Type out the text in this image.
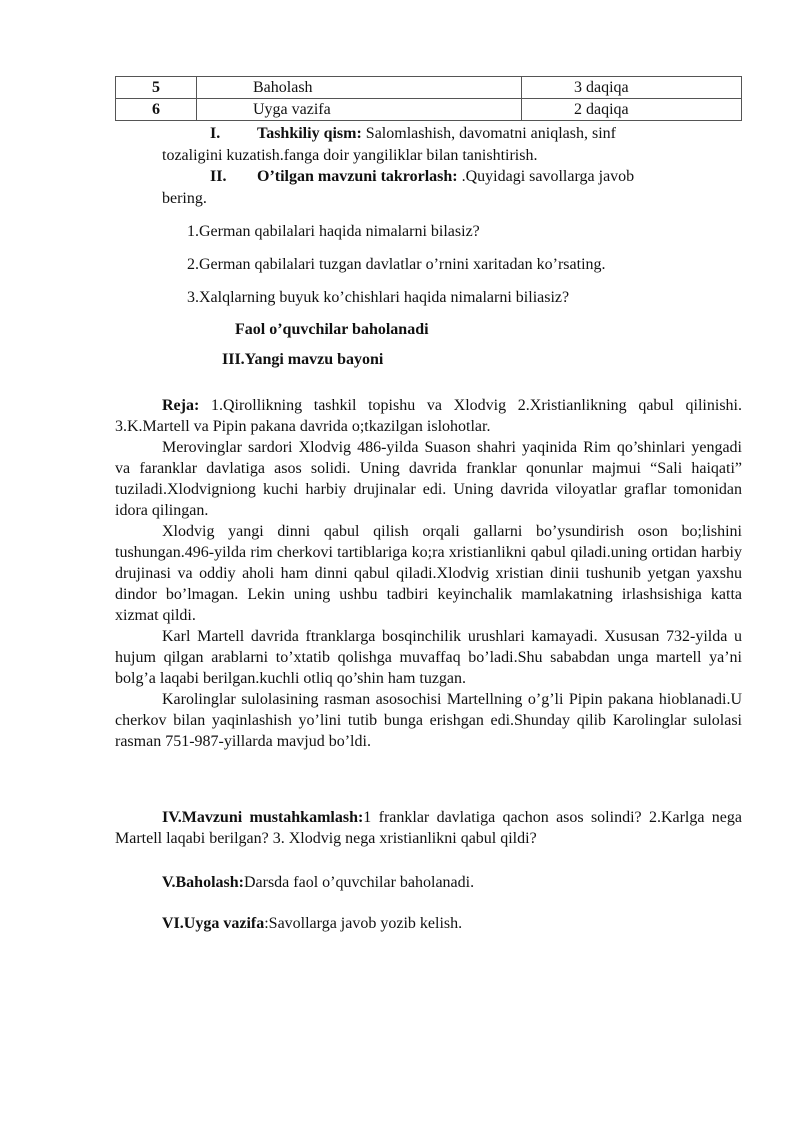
5	Baholash	3 daqiqa
6	Uyga vazifa	2 daqiqa
I. Tashkiliy qism: Salomlashish, davomatni aniqlash, sinf
tozaligini kuzatish.fanga doir yangiliklar bilan tanishtirish.
II. O’tilgan mavzuni takrorlash: .Quyidagi savollarga javob
bering.
1.German qabilalari haqida nimalarni bilasiz?
2.German qabilalari tuzgan davlatlar o’rnini xaritadan ko’rsating.
3.Xalqlarning buyuk ko’chishlari haqida nimalarni biliasiz?
Faol o’quvchilar baholanadi
III.Yangi mavzu bayoni

Reja: 1.Qirollikning tashkil topishu va Xlodvig 2.Xristianlikning qabul qilinishi. 3.K.Martell va Pipin pakana davrida o;tkazilgan islohotlar.

Merovinglar sardori Xlodvig 486-yilda Suason shahri yaqinida Rim qo’shinlari yengadi va faranklar davlatiga asos solidi. Uning davrida franklar qonunlar majmui “Sali haiqati” tuziladi.Xlodvigniong kuchi harbiy drujinalar edi. Uning davrida viloyatlar graflar tomonidan idora qilingan.

Xlodvig yangi dinni qabul qilish orqali gallarni bo’ysundirish oson bo;lishini tushungan.496-yilda rim cherkovi tartiblariga ko;ra xristianlikni qabul qiladi.uning ortidan harbiy drujinasi va oddiy aholi ham dinni qabul qiladi.Xlodvig xristian dinii tushunib yetgan yaxshu dindor bo’lmagan. Lekin uning ushbu tadbiri keyinchalik mamlakatning irlashsishiga katta xizmat qildi.

Karl Martell davrida ftranklarga bosqinchilik urushlari kamayadi. Xususan 732-yilda u hujum qilgan arablarni to’xtatib qolishga muvaffaq bo’ladi.Shu sababdan unga martell ya’ni bolg’a laqabi berilgan.kuchli otliq qo’shin ham tuzgan.

Karolinglar sulolasining rasman asosochisi Martellning o’g’li Pipin pakana hioblanadi.U cherkov bilan yaqinlashish yo’lini tutib bunga erishgan edi.Shunday qilib Karolinglar sulolasi rasman 751-987-yillarda mavjud bo’ldi.

IV.Mavzuni mustahkamlash:1 franklar davlatiga qachon asos solindi? 2.Karlga nega Martell laqabi berilgan? 3. Xlodvig nega xristianlikni qabul qildi?

V.Baholash:Darsda faol o’quvchilar baholanadi.
VI.Uyga vazifa:Savollarga javob yozib kelish.
